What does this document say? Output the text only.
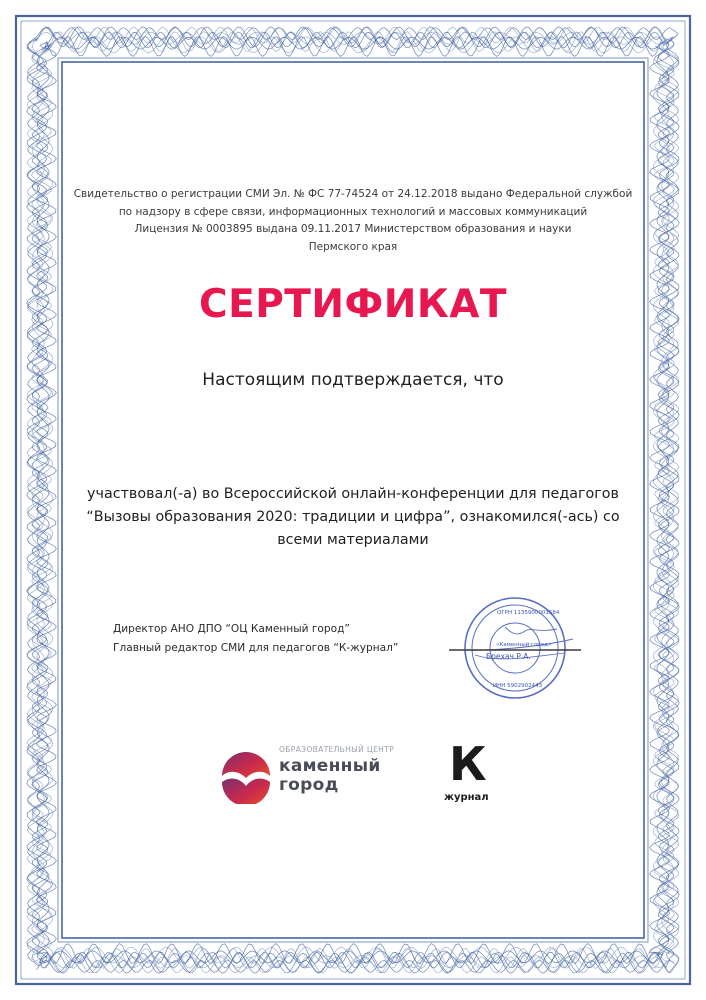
Свидетельство о регистрации СМИ Эл. № ФС 77-74524 от 24.12.2018 выдано Федеральной службой
по надзору в сфере связи, информационных технологий и массовых коммуникаций
Лицензия № 0003895 выдана 09.11.2017 Министерством образования и науки
Пермского края
СЕРТИФИКАТ
Настоящим подтверждается, что
участвовал(-а) во Всероссийской онлайн-конференции для педагогов
“Вызовы образования 2020: традиции и цифра”, ознакомился(-ась) со
всеми материалами
Директор АНО ДПО “ОЦ Каменный город”
Главный редактор СМИ для педагогов “К-журнал”	«Каменный город»
Брехач Р.А.
ОГРН 1135900001584
ИНН 5902902443
ОБРАЗОВАТЕЛЬНЫЙ ЦЕНТР
каменный
город К
журнал
